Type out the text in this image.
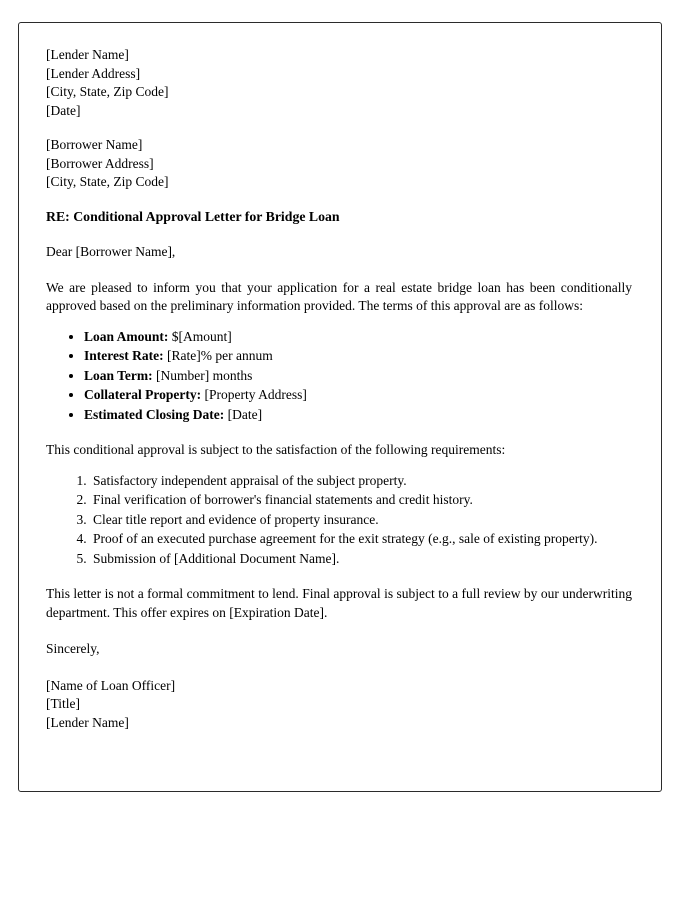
[Lender Name]
[Lender Address]
[City, State, Zip Code]
[Date]
[Borrower Name]
[Borrower Address]
[City, State, Zip Code]

RE: Conditional Approval Letter for Bridge Loan

Dear [Borrower Name],

We are pleased to inform you that your application for a real estate bridge loan has been conditionally approved based on the preliminary information provided. The terms of this approval are as follows:

• Loan Amount: $[Amount]
• Interest Rate: [Rate]% per annum
• Loan Term: [Number] months
• Collateral Property: [Property Address]
• Estimated Closing Date: [Date]

This conditional approval is subject to the satisfaction of the following requirements:

1. Satisfactory independent appraisal of the subject property.
2. Final verification of borrower's financial statements and credit history.
3. Clear title report and evidence of property insurance.
4. Proof of an executed purchase agreement for the exit strategy (e.g., sale of existing property).
5. Submission of [Additional Document Name].

This letter is not a formal commitment to lend. Final approval is subject to a full review by our underwriting department. This offer expires on [Expiration Date].

Sincerely,

[Name of Loan Officer]
[Title]
[Lender Name]
